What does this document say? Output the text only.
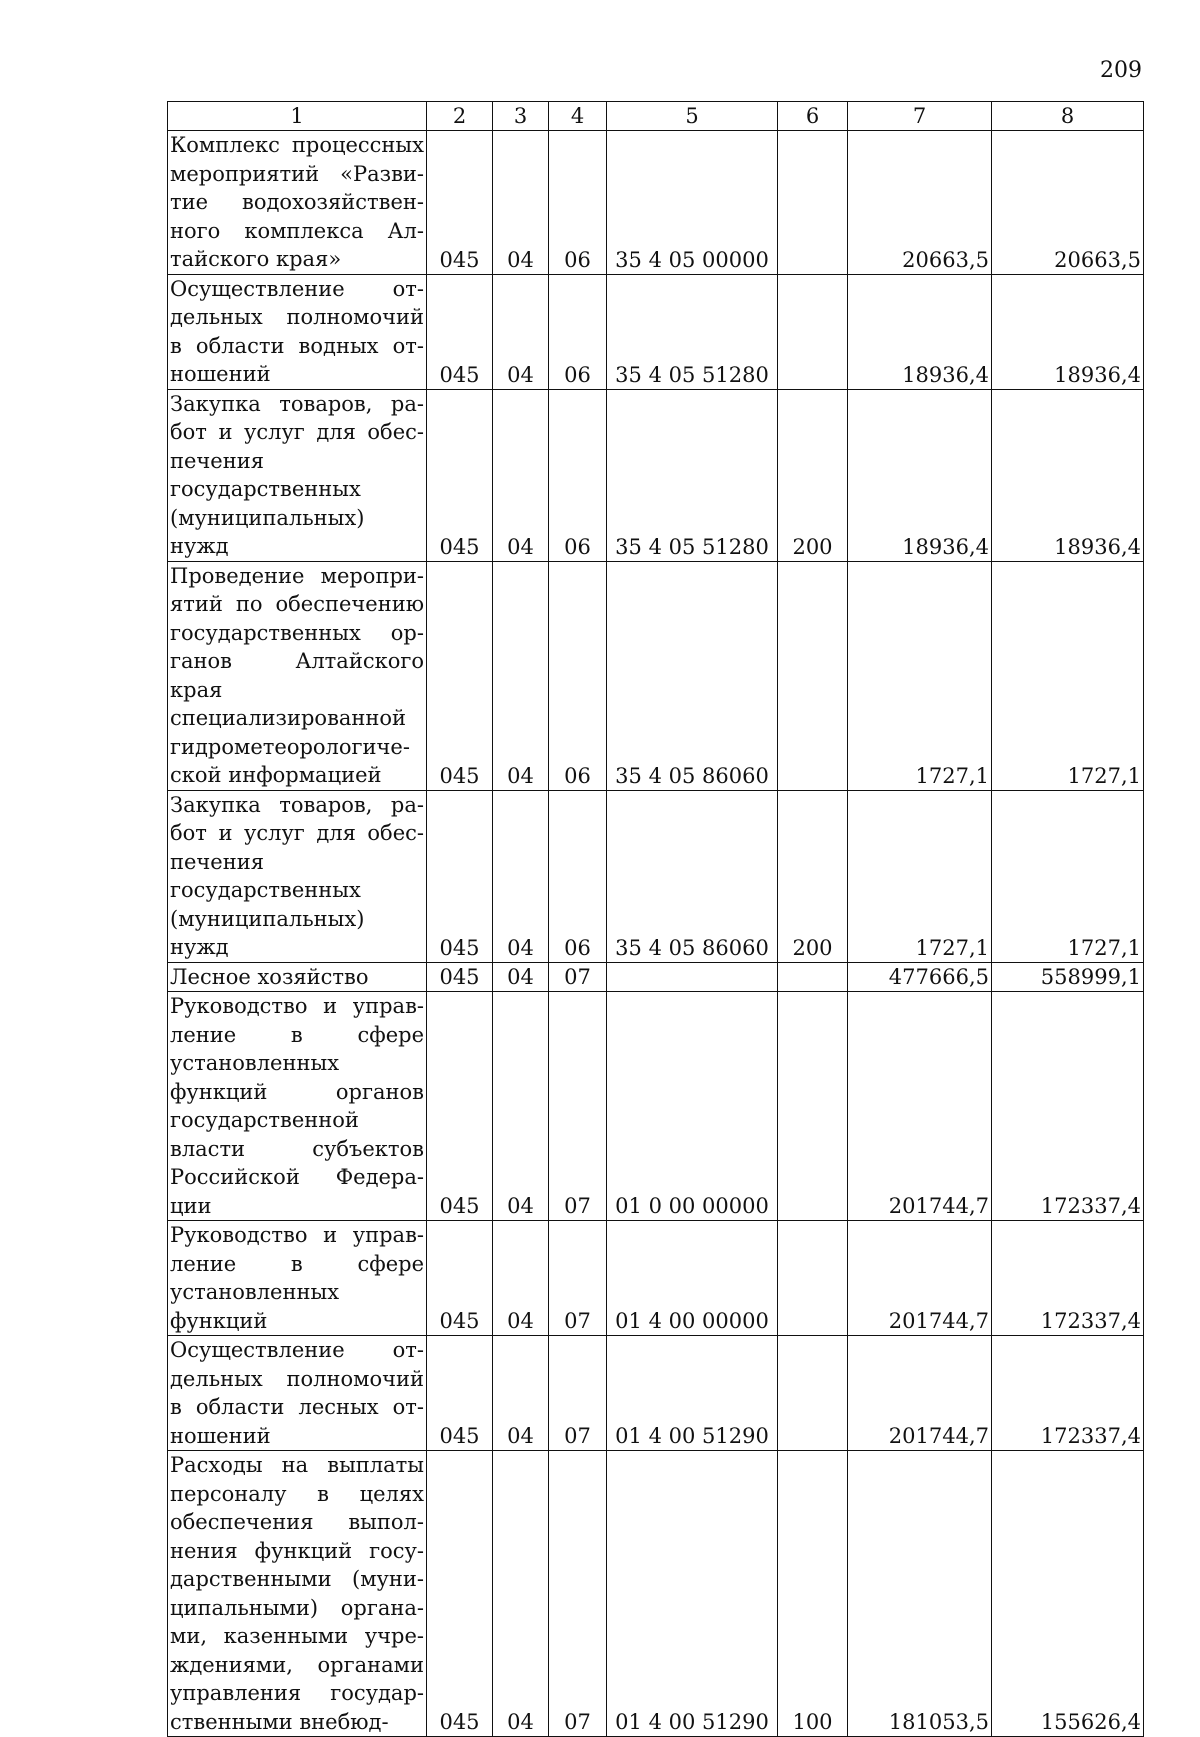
209
1	2	3	4	5	6	7	8
Комплекс процессных мероприятий «Развитие водохозяйственного комплекса Алтайского края»	045	04	06	35 4 05 00000		20663,5	20663,5
Осуществление отдельных полномочий в области водных отношений	045	04	06	35 4 05 51280		18936,4	18936,4
Закупка товаров, работ и услуг для обеспечения государственных (муниципальных) нужд	045	04	06	35 4 05 51280	200	18936,4	18936,4
Проведение мероприятий по обеспечению государственных органов Алтайского края специализированной гидрометеорологической информацией	045	04	06	35 4 05 86060		1727,1	1727,1
Закупка товаров, работ и услуг для обеспечения государственных (муниципальных) нужд	045	04	06	35 4 05 86060	200	1727,1	1727,1
Лесное хозяйство	045	04	07			477666,5	558999,1
Руководство и управление в сфере установленных функций органов государственной власти субъектов Российской Федерации	045	04	07	01 0 00 00000		201744,7	172337,4
Руководство и управление в сфере установленных функций	045	04	07	01 4 00 00000		201744,7	172337,4
Осуществление отдельных полномочий в области лесных отношений	045	04	07	01 4 00 51290		201744,7	172337,4
Расходы на выплаты персоналу в целях обеспечения выполнения функций государственными (муниципальными) органами, казенными учреждениями, органами управления государственными внебюд-	045	04	07	01 4 00 51290	100	181053,5	155626,4
